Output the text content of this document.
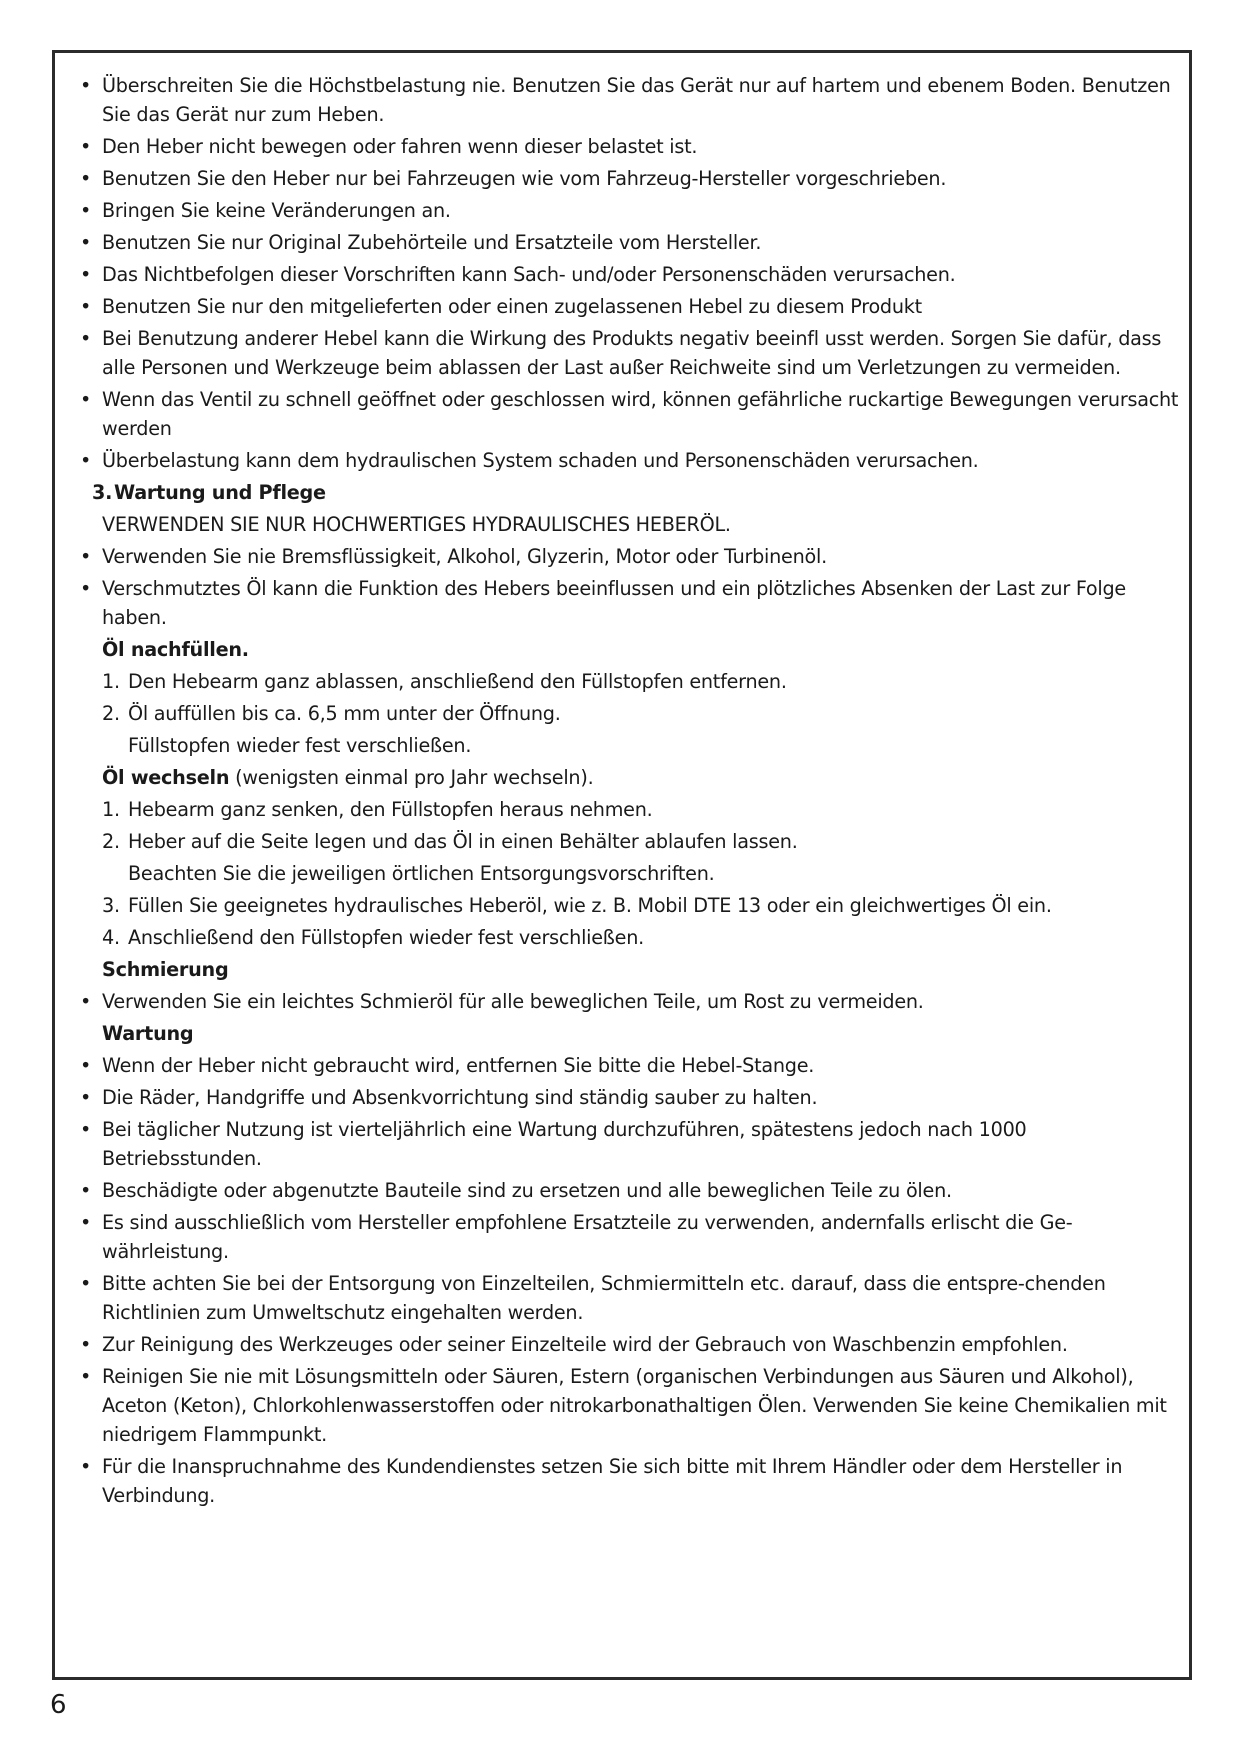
• Überschreiten Sie die Höchstbelastung nie. Benutzen Sie das Gerät nur auf hartem und ebenem Boden. Benutzen Sie das Gerät nur zum Heben.

• Den Heber nicht bewegen oder fahren wenn dieser belastet ist.

• Benutzen Sie den Heber nur bei Fahrzeugen wie vom Fahrzeug-Hersteller vorgeschrieben.

• Bringen Sie keine Veränderungen an.

• Benutzen Sie nur Original Zubehörteile und Ersatzteile vom Hersteller.

• Das Nichtbefolgen dieser Vorschriften kann Sach- und/oder Personenschäden verursachen.

• Benutzen Sie nur den mitgelieferten oder einen zugelassenen Hebel zu diesem Produkt

• Bei Benutzung anderer Hebel kann die Wirkung des Produkts negativ beeinfl usst werden. Sorgen Sie dafür, dass alle Personen und Werkzeuge beim ablassen der Last außer Reichweite sind um Verletzungen zu vermeiden.

• Wenn das Ventil zu schnell geöffnet oder geschlossen wird, können gefährliche ruckartige Bewegungen verursacht werden

• Überbelastung kann dem hydraulischen System schaden und Personenschäden verursachen.

3. Wartung und Pflege

VERWENDEN SIE NUR HOCHWERTIGES HYDRAULISCHES HEBERÖL.

• Verwenden Sie nie Bremsflüssigkeit, Alkohol, Glyzerin, Motor oder Turbinenöl.

• Verschmutztes Öl kann die Funktion des Hebers beeinflussen und ein plötzliches Absenken der Last zur Folge haben.

Öl nachfüllen.

1. Den Hebearm ganz ablassen, anschließend den Füllstopfen entfernen.

2. Öl auffüllen bis ca. 6,5 mm unter der Öffnung.

Füllstopfen wieder fest verschließen.

Öl wechseln (wenigsten einmal pro Jahr wechseln).

1. Hebearm ganz senken, den Füllstopfen heraus nehmen.

2. Heber auf die Seite legen und das Öl in einen Behälter ablaufen lassen.

Beachten Sie die jeweiligen örtlichen Entsorgungsvorschriften.

3. Füllen Sie geeignetes hydraulisches Heberöl, wie z. B. Mobil DTE 13 oder ein gleichwertiges Öl ein.

4. Anschließend den Füllstopfen wieder fest verschließen.

Schmierung

• Verwenden Sie ein leichtes Schmieröl für alle beweglichen Teile, um Rost zu vermeiden.

Wartung

• Wenn der Heber nicht gebraucht wird, entfernen Sie bitte die Hebel-Stange.

• Die Räder, Handgriffe und Absenkvorrichtung sind ständig sauber zu halten.

• Bei täglicher Nutzung ist vierteljährlich eine Wartung durchzuführen, spätestens jedoch nach 1000 Betriebsstunden.

• Beschädigte oder abgenutzte Bauteile sind zu ersetzen und alle beweglichen Teile zu ölen.

• Es sind ausschließlich vom Hersteller empfohlene Ersatzteile zu verwenden, andernfalls erlischt die Ge-währleistung.

• Bitte achten Sie bei der Entsorgung von Einzelteilen, Schmiermitteln etc. darauf, dass die entspre-chenden Richtlinien zum Umweltschutz eingehalten werden.

• Zur Reinigung des Werkzeuges oder seiner Einzelteile wird der Gebrauch von Waschbenzin empfohlen.

• Reinigen Sie nie mit Lösungsmitteln oder Säuren, Estern (organischen Verbindungen aus Säuren und Alkohol), Aceton (Keton), Chlorkohlenwasserstoffen oder nitrokarbonathaltigen Ölen. Verwenden Sie keine Chemikalien mit niedrigem Flammpunkt.

• Für die Inanspruchnahme des Kundendienstes setzen Sie sich bitte mit Ihrem Händler oder dem Hersteller in Verbindung.

6
